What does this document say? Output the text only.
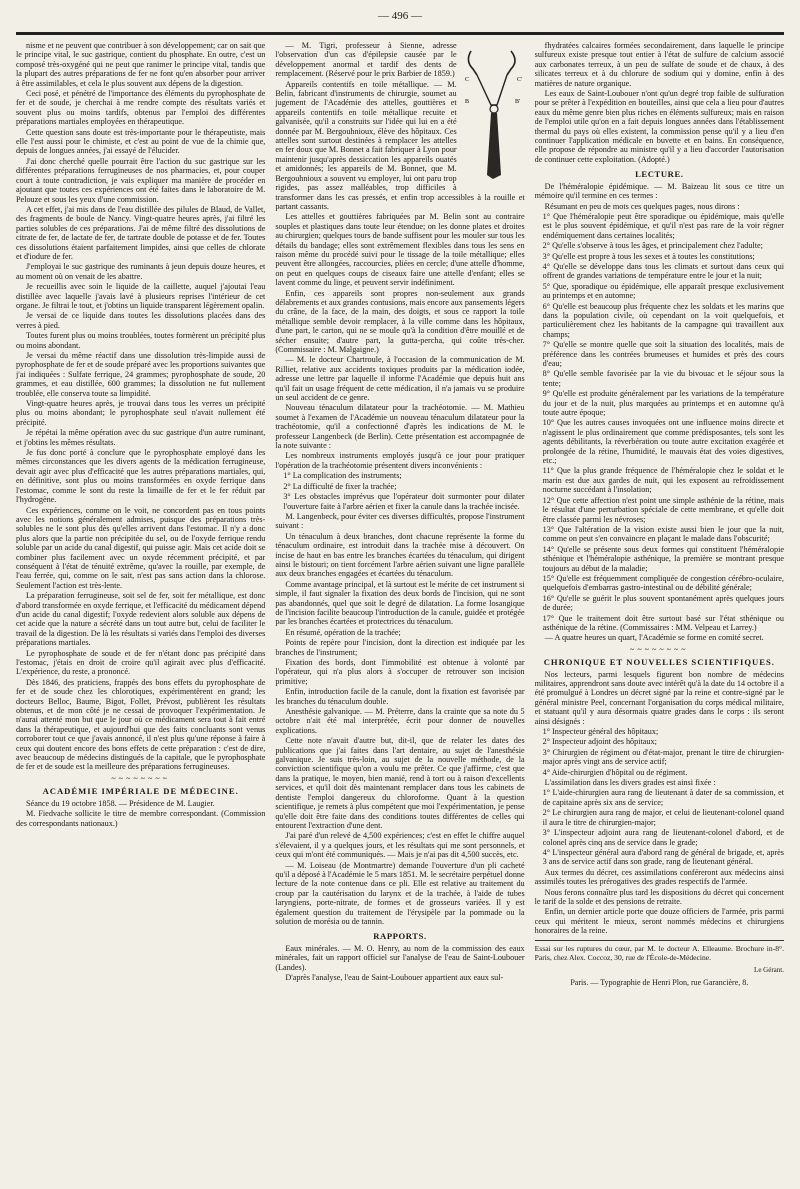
— 496 —

nisme et ne peuvent que contribuer à son développement; car on sait que le principe vital, le suc gastrique, contient du phosphate. En outre, c'est un composé très-oxygéné qui ne peut que ranimer le principe vital, tandis que la plupart des autres préparations de fer ne font qu'en absorber pour arriver à être assimilables, et cela le plus souvent aux dépens de la digestion.

Ceci posé, et pénétré de l'importance des éléments du pyrophosphate de fer et de soude, je cherchai à me rendre compte des résultats variés et souvent plus ou moins tardifs, obtenus par l'emploi des différentes préparations martiales employées en thérapeutique.

Cette question sans doute est très-importante pour le thérapeutiste, mais elle l'est aussi pour le chimiste, et c'est au point de vue de la chimie que, depuis de longues années, j'ai essayé de l'élucider.

J'ai donc cherché quelle pourrait être l'action du suc gastrique sur les différentes préparations ferrugineuses de nos pharmacies, et, pour couper court à toute contradiction, je vais expliquer ma manière de procéder en ajoutant que toutes ces expériences ont été faites dans le laboratoire de M. Pelouze et sous les yeux d'une commission.

A cet effet, j'ai mis dans de l'eau distillée des pilules de Blaud, de Vallet, des fragments de boule de Nancy. Vingt-quatre heures après, j'ai filtré les parties solubles de ces préparations. J'ai de même filtré des dissolutions de citrate de fer, de lactate de fer, de tartrate double de potasse et de fer. Toutes ces dissolutions étaient parfaitement limpides, ainsi que celles de chlorate et d'iodure de fer.

J'employai le suc gastrique des ruminants à jeun depuis douze heures, et au moment où on venait de les abattre.

Je recueillis avec soin le liquide de la caillette, auquel j'ajoutai l'eau distillée avec laquelle j'avais lavé à plusieurs reprises l'intérieur de cet organe. Je filtrai le tout, et j'obtins un liquide transparent légèrement opalin.

Je versai de ce liquide dans toutes les dissolutions placées dans des verres à pied.

Toutes furent plus ou moins troublées, toutes formèrent un précipité plus ou moins abondant.

Je versai du même réactif dans une dissolution très-limpide aussi de pyrophosphate de fer et de soude préparé avec les proportions suivantes que j'ai indiquées : Sulfate ferrique, 24 grammes; pyrophosphate de soude, 20 grammes, et eau distillée, 600 grammes; la dissolution ne fut nullement troublée, elle conserva toute sa limpidité.

Vingt-quatre heures après, je trouvai dans tous les verres un précipité plus ou moins abondant; le pyrophosphate seul n'avait nullement été précipité.

Je répétai la même opération avec du suc gastrique d'un autre ruminant, et j'obtins les mêmes résultats.

Je fus donc porté à conclure que le pyrophosphate employé dans les mêmes circonstances que les divers agents de la médication ferrugineuse, devait agir avec plus d'efficacité que les autres préparations martiales, qui, en définitive, sont plus ou moins transformées en oxyde ferrique dans l'estomac, comme le sont du reste la limaille de fer et le fer réduit par l'hydrogène.

Ces expériences, comme on le voit, ne concordent pas en tous points avec les notions généralement admises, puisque des préparations très-solubles ne le sont plus dès qu'elles arrivent dans l'estomac. Il n'y a donc plus alors que la partie non précipitée du sel, ou de l'oxyde ferrique rendu soluble par un acide du canal digestif, qui puisse agir. Mais cet acide doit se combiner plus facilement avec un oxyde récemment précipité, et par conséquent à l'état de ténuité extrême, qu'avec la rouille, par exemple, de l'eau ferrée, qui, comme on le sait, n'est pas sans action dans la chlorose. Seulement l'action est très-lente.

La préparation ferrugineuse, soit sel de fer, soit fer métallique, est donc d'abord transformée en oxyde ferrique, et l'efficacité du médicament dépend d'un acide du canal digestif; l'oxyde redevient alors soluble aux dépens de cet acide que la nature a sécrété dans un tout autre but, celui de faciliter le travail de la digestion. De là les résultats si variés dans l'emploi des diverses préparations martiales.

Le pyrophosphate de soude et de fer n'étant donc pas précipité dans l'estomac, j'étais en droit de croire qu'il agirait avec plus d'efficacité. L'expérience, du reste, a prononcé.

Dès 1846, des praticiens, frappés des bons effets du pyrophosphate de fer et de soude chez les chlorotiques, expérimentèrent en grand; les docteurs Belloc, Baume, Bigot, Follet, Prévost, publièrent les résultats obtenus, et de mon côté je ne cessai de provoquer l'expérimentation. Je n'aurai attenté mon but que le jour où ce médicament sera tout à fait entré dans la thérapeutique, et aujourd'hui que des faits concluants sont venus corroborer tout ce que j'avais annoncé, il n'est plus qu'une réponse à faire à ceux qui doutent encore des bons effets de cette préparation : c'est de dire, avec beaucoup de médecins distingués de la capitale, que le pyrophosphate de fer et de soude est la meilleure des préparations ferrugineuses.

~~~~~~~~
ACADÉMIE IMPÉRIALE DE MÉDECINE.

Séance du 19 octobre 1858. — Présidence de M. Laugier.

M. Fiedvache sollicite le titre de membre correspondant. (Commission des correspondants nationaux.)

C	C'
B	B'

— M. Tigri, professeur à Sienne, adresse l'observation d'un cas d'épilepsie causée par le développement anormal et tardif des dents de remplacement. (Réservé pour le prix Barbier de 1859.)

Appareils contentifs en toile métallique. — M. Belin, fabricant d'instruments de chirurgie, soumet au jugement de l'Académie des attelles, gouttières et appareils contentifs en toile métallique recuite et galvanisée, qu'il a construits sur l'idée qui lui en a été donnée par M. Bergouhnioux, élève des hôpitaux. Ces attelles sont surtout destinées à remplacer les attelles en fer doux que M. Bonnet a fait fabriquer à Lyon pour maintenir jusqu'après dessiccation les appareils ouatés et amidonnés; les appareils de M. Bonnet, que M. Bergouhnioux a souvent vu employer, lui ont paru trop rigides, pas assez malléables, trop difficiles à transformer dans les cas pressés, et enfin trop accessibles à la rouille et partant cassants.

Les attelles et gouttières fabriquées par M. Belin sont au contraire souples et plastiques dans toute leur étendue; on les donne plates et droites au chirurgien; quelques tours de bande suffisent pour les mouler sur tous les détails du bandage; elles sont extrêmement flexibles dans tous les sens en raison même du procédé suivi pour le tissage de la toile métallique; elles peuvent être allongées, raccourcies, pliées en cercle; d'une attelle d'homme, on peut en quelques coups de ciseaux faire une attelle d'enfant; elles se lavent comme du linge, et peuvent servir indéfiniment.

Enfin, ces appareils sont propres non-seulement aux grands délabrements et aux grandes contusions, mais encore aux pansements légers du crâne, de la face, de la main, des doigts, et sous ce rapport la toile métallique semble devoir remplacer, à la ville comme dans les hôpitaux, d'une part, le carton, qui ne se moule qu'à la condition d'être mouillé et de sécher ensuite; d'autre part, la gutta-percha, qui coûte très-cher. (Commissaire : M. Malgaigne.)

— M. le docteur Chartroule, à l'occasion de la communication de M. Rilliet, relative aux accidents toxiques produits par la médication iodée, adresse une lettre par laquelle il informe l'Académie que depuis huit ans qu'il fait un usage fréquent de cette médication, il n'a jamais vu se produire un seul accident de ce genre.

Nouveau ténaculum dilatateur pour la trachéotomie. — M. Mathieu soumet à l'examen de l'Académie un nouveau ténaculum dilatateur pour la trachéotomie, qu'il a confectionné d'après les indications de M. le professeur Langenbeck (de Berlin). Cette présentation est accompagnée de la note suivante :

Les nombreux instruments employés jusqu'à ce jour pour pratiquer l'opération de la trachéotomie présentent divers inconvénients :

1° La complication des instruments;

2° La difficulté de fixer la trachée;

3° Les obstacles imprévus que l'opérateur doit surmonter pour dilater l'ouverture faite à l'arbre aérien et fixer la canule dans la trachée incisée.

M. Langenbeck, pour éviter ces diverses difficultés, propose l'instrument suivant :

Un ténaculum à deux branches, dont chacune représente la forme du ténaculum ordinaire, est introduit dans la trachée mise à découvert. On incise de haut en bas entre les branches écartées du ténaculum, qui dirigent ainsi le bistouri; on tient forcément l'arbre aérien suivant une ligne parallèle aux deux branches engagées et écartées du ténaculum.

Comme avantage principal, et là surtout est le mérite de cet instrument si simple, il faut signaler la fixation des deux bords de l'incision, qui ne sont pas abandonnés, quel que soit le degré de dilatation. La forme losangique de l'incision facilite beaucoup l'introduction de la canule, guidée et protégée par les branches écartées et protectrices du ténaculum.

En résumé, opération de la trachée;

Points de repère pour l'incision, dont la direction est indiquée par les branches de l'instrument;

Fixation des bords, dont l'immobilité est obtenue à volonté par l'opérateur, qui n'a plus alors à s'occuper de retrouver son incision primitive;

Enfin, introduction facile de la canule, dont la fixation est favorisée par les branches du ténaculum double.

Anesthésie galvanique. — M. Préterre, dans la crainte que sa note du 5 octobre n'ait été mal interprétée, écrit pour donner de nouvelles explications.

Cette note n'avait d'autre but, dit-il, que de relater les dates des publications que j'ai faites dans l'art dentaire, au sujet de l'anesthésie galvanique. Je suis très-loin, au sujet de la nouvelle méthode, de la conviction scientifique qu'on a voulu me prêter. Ce que j'affirme, c'est que dans la pratique, le moyen, bien manié, rend à tort ou à raison d'excellents services, et qu'il doit dès maintenant remplacer dans tous les cabinets de dentiste l'emploi dangereux du chloroforme. Quant à la question scientifique, je remets à plus compétent que moi l'expérimentation, je pense qu'elle doit être faite dans des conditions toutes différentes de celles qui entourent l'extraction d'une dent.

J'ai paré d'un relevé de 4,500 expériences; c'est en effet le chiffre auquel s'élevaient, il y a quelques jours, et les résultats qui me sont personnels, et ceux qui m'ont été communiqués. — Mais je n'ai pas dit 4,500 succès, etc.

— M. Loiseau (de Montmartre) demande l'ouverture d'un pli cacheté qu'il a déposé à l'Académie le 5 mars 1851. M. le secrétaire perpétuel donne lecture de la note contenue dans ce pli. Elle est relative au traitement du croup par la cautérisation du larynx et de la trachée, à l'aide de tubes laryngiens, porte-nitrate, de formes et de grosseurs variées. Il y est également question du traitement de l'érysipèle par la pommade ou la solution de morésia ou de tannin.

RAPPORTS.

Eaux minérales. — M. O. Henry, au nom de la commission des eaux minérales, fait un rapport officiel sur l'analyse de l'eau de Saint-Loubouer (Landes).

D'après l'analyse, l'eau de Saint-Loubouer appartient aux eaux sul-

fhydratées calcaires formées secondairement, dans laquelle le principe sulfureux existe presque tout entier à l'état de sulfure de calcium associé aux carbonates terreux, à un peu de sulfate de soude et de chaux, à des silicates terreux et à du chlorure de sodium qui y domine, enfin à des matières de nature organique.

Les eaux de Saint-Loubouer n'ont qu'un degré trop faible de sulfuration pour se prêter à l'expédition en bouteilles, ainsi que cela a lieu pour d'autres eaux du même genre bien plus riches en éléments sulfureux; mais en raison de l'emploi utile qu'on en a fait depuis longues années dans l'établissement thermal du pays où elles existent, la commission pense qu'il y a lieu d'en continuer l'application médicale en buvette et en bains. En conséquence, elle propose de répondre au ministre qu'il y a lieu d'accorder l'autorisation de continuer cette exploitation. (Adopté.)

LECTURE.

De l'héméralopie épidémique. — M. Baizeau lit sous ce titre un mémoire qu'il termine en ces termes :

Résumant en peu de mots ces quelques pages, nous dirons :

1° Que l'héméralopie peut être sporadique ou épidémique, mais qu'elle est le plus souvent épidémique, et qu'il n'est pas rare de la voir régner endémiquement dans certaines localités;

2° Qu'elle s'observe à tous les âges, et principalement chez l'adulte;

3° Qu'elle est propre à tous les sexes et à toutes les constitutions;

4° Qu'elle se développe dans tous les climats et surtout dans ceux qui offrent de grandes variations de température entre le jour et la nuit;

5° Que, sporadique ou épidémique, elle apparaît presque exclusivement au printemps et en automne;

6° Qu'elle est beaucoup plus fréquente chez les soldats et les marins que dans la population civile, où cependant on la voit quelquefois, et particulièrement chez les habitants de la campagne qui travaillent aux champs;

7° Qu'elle se montre quelle que soit la situation des localités, mais de préférence dans les contrées brumeuses et humides et près des cours d'eau;

8° Qu'elle semble favorisée par la vie du bivouac et le séjour sous la tente;

9° Qu'elle est produite généralement par les variations de la température du jour et de la nuit, plus marquées au printemps et en automne qu'à toute autre époque;

10° Que les autres causes invoquées ont une influence moins directe et n'agissent le plus ordinairement que comme prédisposantes, tels sont les agents débilitants, la réverbération ou toute autre excitation exagérée et prolongée de la rétine, l'humidité, le mauvais état des voies digestives, etc.;

11° Que la plus grande fréquence de l'héméralopie chez le soldat et le marin est due aux gardes de nuit, qui les exposent au refroidissement nocturne succédant à l'insolation;

12° Que cette affection n'est point une simple asthénie de la rétine, mais le résultat d'une perturbation spéciale de cette membrane, et qu'elle doit être classée parmi les névroses;

13° Que l'altération de la vision existe aussi bien le jour que la nuit, comme on peut s'en convaincre en plaçant le malade dans l'obscurité;

14° Qu'elle se présente sous deux formes qui constituent l'héméralopie sthénique et l'héméralopie asthénique, la première se montrant presque toujours au début de la maladie;

15° Qu'elle est fréquemment compliquée de congestion cérébro-oculaire, quelquefois d'embarras gastro-intestinal ou de débilité générale;

16° Qu'elle se guérit le plus souvent spontanément après quelques jours de durée;

17° Que le traitement doit être surtout basé sur l'état sthénique ou asthénique de la rétine. (Commissaires : MM. Velpeau et Larrey.)

— A quatre heures un quart, l'Académie se forme en comité secret.

~~~~~~~~
CHRONIQUE ET NOUVELLES SCIENTIFIQUES.

Nos lecteurs, parmi lesquels figurent bon nombre de médecins militaires, apprendront sans doute avec intérêt qu'à la date du 14 octobre il a été promulgué à Londres un décret signé par la reine et contre-signé par le général ministre Peel, concernant l'organisation du corps médical militaire, et statuant qu'il y aura désormais quatre grades dans le corps : ils seront ainsi désignés :

1° Inspecteur général des hôpitaux;

2° Inspecteur adjoint des hôpitaux;

3° Chirurgien de régiment ou d'état-major, prenant le titre de chirurgien-major après vingt ans de service actif;

4° Aide-chirurgien d'hôpital ou de régiment.

L'assimilation dans les divers grades est ainsi fixée :

1° L'aide-chirurgien aura rang de lieutenant à dater de sa commission, et de capitaine après six ans de service;

2° Le chirurgien aura rang de major, et celui de lieutenant-colonel quand il aura le titre de chirurgien-major;

3° L'inspecteur adjoint aura rang de lieutenant-colonel d'abord, et de colonel après cinq ans de service dans le grade;

4° L'inspecteur général aura d'abord rang de général de brigade, et, après 3 ans de service actif dans son grade, rang de lieutenant général.

Aux termes du décret, ces assimilations conféreront aux médecins ainsi assimilés toutes les prérogatives des grades respectifs de l'armée.

Nous ferons connaître plus tard les dispositions du décret qui concernent le tarif de la solde et des pensions de retraite.

Enfin, un dernier article porte que douze officiers de l'armée, pris parmi ceux qui méritent le mieux, seront nommés médecins et chirurgiens honoraires de la reine.

Essai sur les ruptures du cœur, par M. le docteur A. Elleaume. Brochure in-8°. Paris, chez Alex. Coccoz, 30, rue de l'École-de-Médecine.
Le Gérant.
Paris. — Typographie de Henri Plon, rue Garancière, 8.
